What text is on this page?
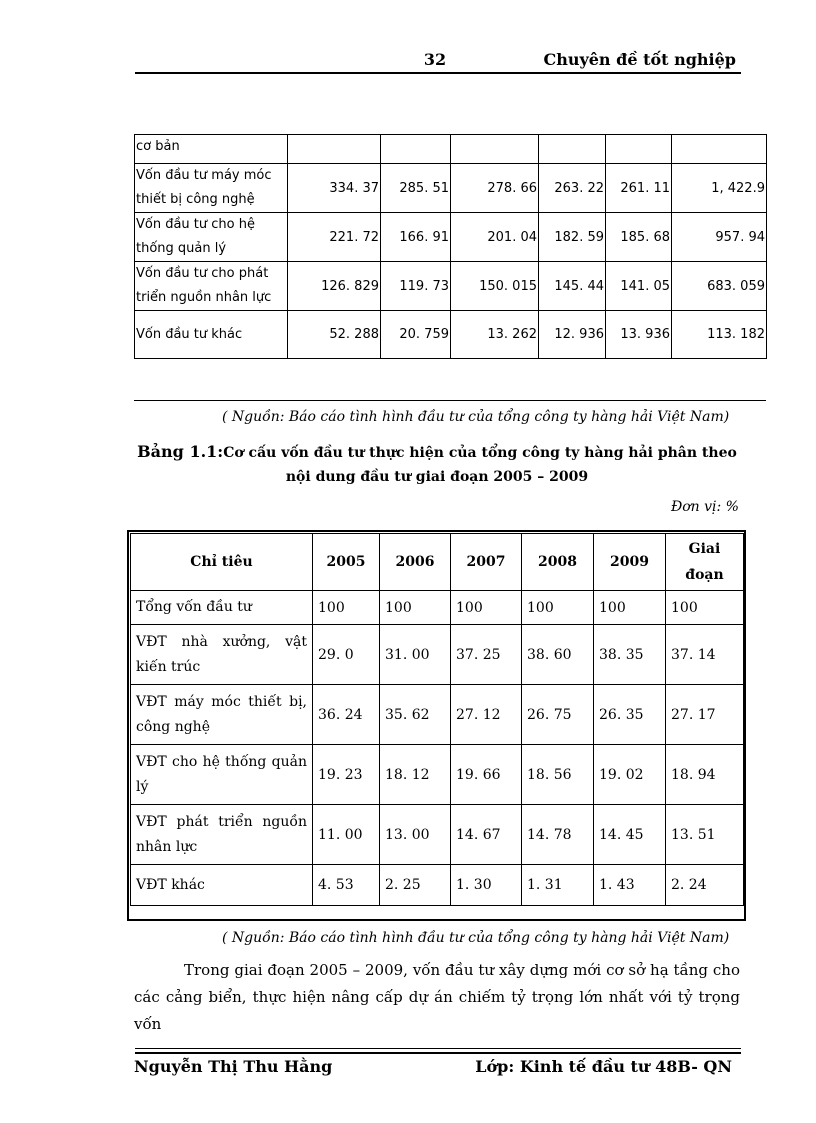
32	Chuyên đề tốt nghiệp
cơ bản						
Vốn đầu tư máy móc thiết bị công nghệ	334. 37	285. 51	278. 66	263. 22	261. 11	1, 422.9
Vốn đầu tư cho hệ thống quản lý	221. 72	166. 91	201. 04	182. 59	185. 68	957. 94
Vốn đầu tư cho phát triển nguồn nhân lực	126. 829	119. 73	150. 015	145. 44	141. 05	683. 059
Vốn đầu tư khác	52. 288	20. 759	13. 262	12. 936	13. 936	113. 182
( Nguồn: Báo cáo tình hình đầu tư của tổng công ty hàng hải Việt Nam)
Bảng 1.1:Cơ cấu vốn đầu tư thực hiện của tổng công ty hàng hải phân theo nội dung đầu tư giai đoạn 2005 – 2009
Đơn vị: %
Chỉ tiêu	2005	2006	2007	2008	2009	Giai đoạn
Tổng vốn đầu tư	100	100	100	100	100	100
VĐT nhà xưởng, vật kiến trúc	29. 0	31. 00	37. 25	38. 60	38. 35	37. 14
VĐT máy móc thiết bị, công nghệ	36. 24	35. 62	27. 12	26. 75	26. 35	27. 17
VĐT cho hệ thống quản lý	19. 23	18. 12	19. 66	18. 56	19. 02	18. 94
VĐT phát triển nguồn nhân lực	11. 00	13. 00	14. 67	14. 78	14. 45	13. 51
VĐT khác	4. 53	2. 25	1. 30	1. 31	1. 43	2. 24
( Nguồn: Báo cáo tình hình đầu tư của tổng công ty hàng hải Việt Nam)
Trong giai đoạn 2005 – 2009, vốn đầu tư xây dựng mới cơ sở hạ tầng cho
các cảng biển, thực hiện nâng cấp dự án chiếm tỷ trọng lớn nhất với tỷ trọng vốn
Nguyễn Thị Thu Hằng	Lớp: Kinh tế đầu tư 48B- QN
